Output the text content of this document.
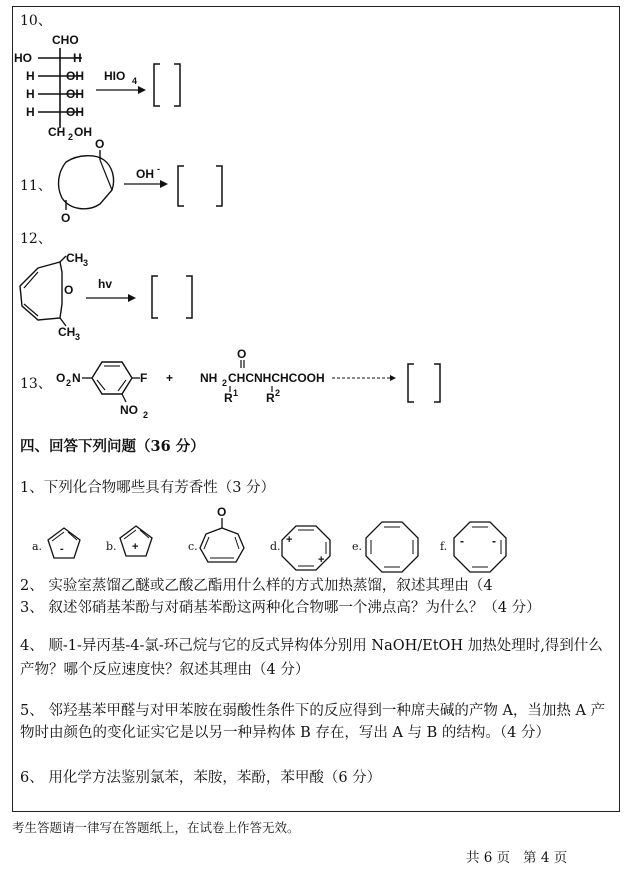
10、
CHO
HO	H
H	OH
H	OH
H	OH
CH 2 OH
HIO 4
11、
O
O
OH -
12、
O
CH 3
CH 3
hv
13、 O 2 N	F
NO 2
+ NH 2 CHCNHCHCOOH
O
R 1 R 2
四、回答下列问题（36 分）
1、下列化合物哪些具有芳香性（3 分）
a. -	b. +	c.
O
d. +
+
e.	f. - -
2、 实验室蒸馏乙醚或乙酸乙酯用什么样的方式加热蒸馏，叙述其理由（4
3、 叙述邻硝基苯酚与对硝基苯酚这两种化合物哪一个沸点高？为什么？（4 分）
4、 顺-1-异丙基-4-氯-环己烷与它的反式异构体分别用 NaOH/EtOH 加热处理时,得到什么产物？哪个反应速度快？叙述其理由（4 分）
5、 邻羟基苯甲醛与对甲苯胺在弱酸性条件下的反应得到一种席夫碱的产物 A，当加热 A 产物时由颜色的变化证实它是以另一种异构体 B 存在，写出 A 与 B 的结构。（4 分）
6、 用化学方法鉴别氯苯，苯胺，苯酚，苯甲酸（6 分）
考生答题请一律写在答题纸上，在试卷上作答无效。
共 6 页   第 4 页
